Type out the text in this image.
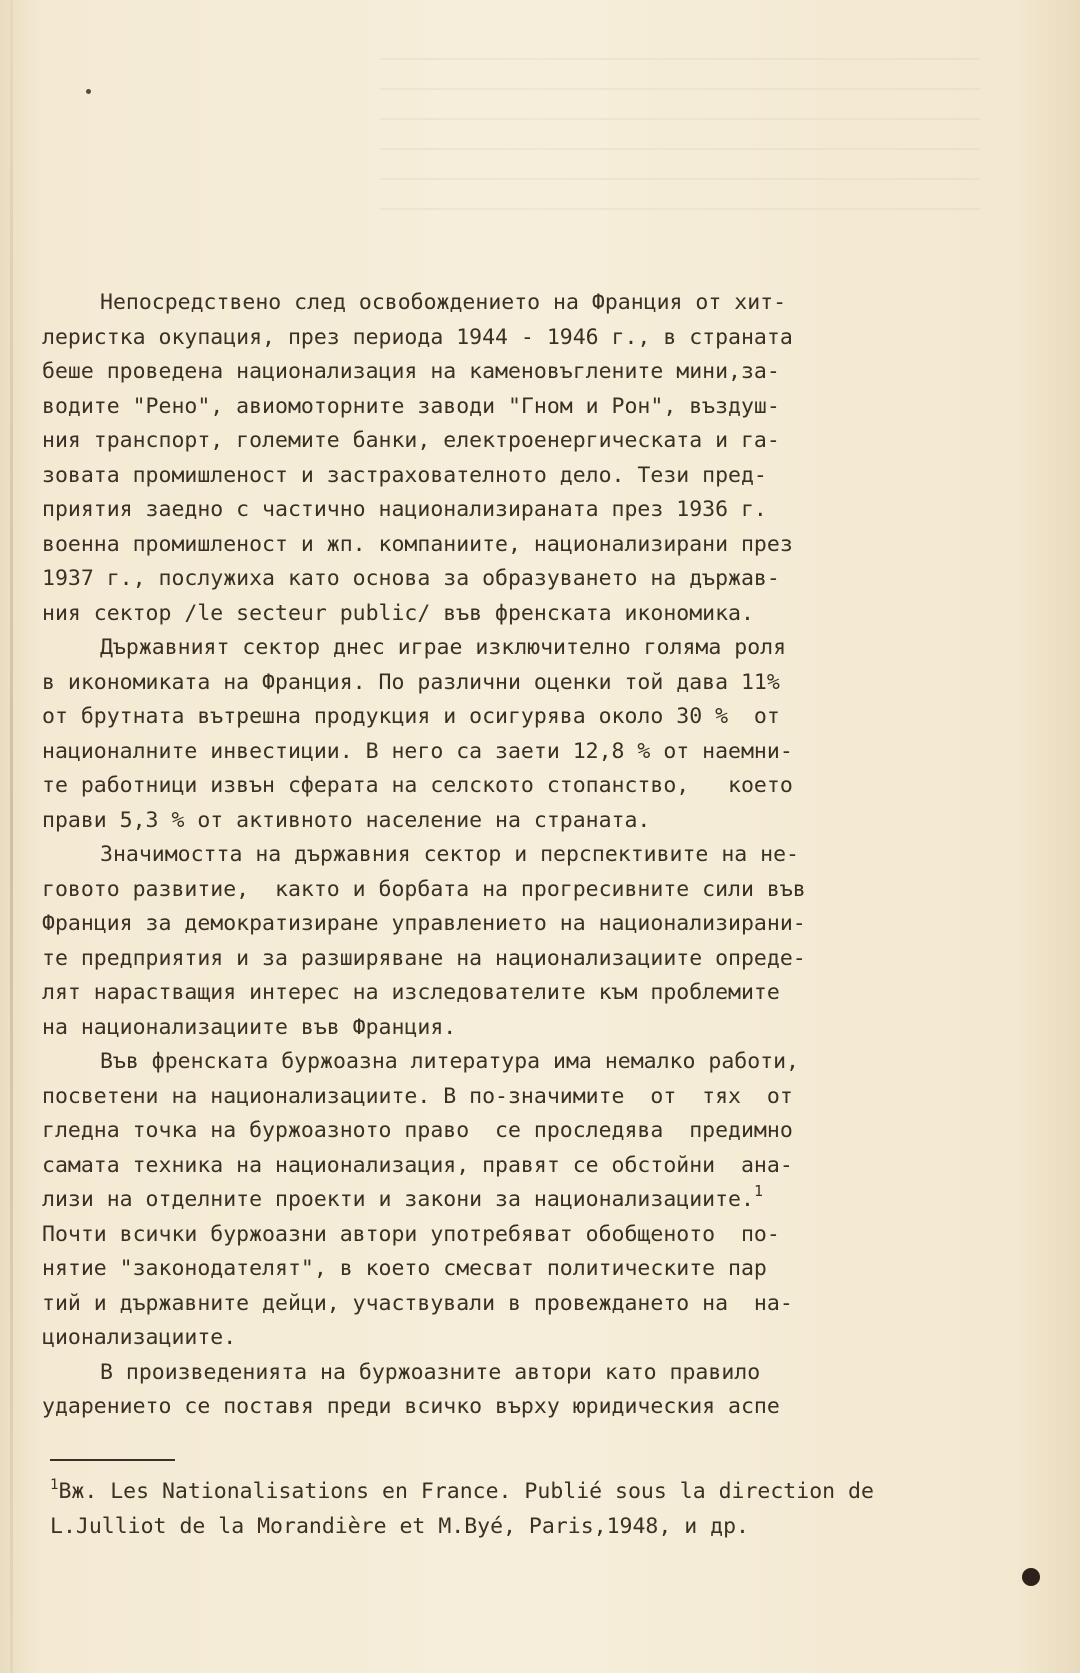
Непосредствено след освобождението на Франция от хит-
леристка окупация, през периода 1944 - 1946 г., в страната
беше проведена национализация на каменовъглените мини,за-
водите "Рено", авиомоторните заводи "Гном и Рон", въздуш-
ния транспорт, големите банки, електроенергическата и га-
зовата промишленост и застрахователното дело. Тези пред-
приятия заедно с частично национализираната през 1936 г.
военна промишленост и жп. компаниите, национализирани през
1937 г., послужиха като основа за образуването на държав-
ния сектор /le secteur public/ във френската икономика.
Държавният сектор днес играе изключително голяма роля
в икономиката на Франция. По различни оценки той дава 11%
от брутната вътрешна продукция и осигурява около 30 %  от
националните инвестиции. В него са заети 12,8 % от наемни-
те работници извън сферата на селското стопанство,   което
прави 5,3 % от активното население на страната.
Значимостта на държавния сектор и перспективите на не-
говото развитие,  както и борбата на прогресивните сили във
Франция за демократизиране управлението на национализирани-
те предприятия и за разширяване на национализациите опреде-
лят нарастващия интерес на изследователите към проблемите
на национализациите във Франция.
Във френската буржоазна литература има немалко работи,
посветени на национализациите. В по-значимите  от  тях  от
гледна точка на буржоазното право  се проследява  предимно
самата техника на национализация, правят се обстойни  ана-
лизи на отделните проекти и закони за национализациите.$^1$
Почти всички буржоазни автори употребяват обобщеното  по-
нятие "законодателят", в което смесват политическите пар
тий и държавните дейци, участвували в провеждането на  на-
ционализациите.
В произведенията на буржоазните автори като правило
ударението се поставя преди всичко върху юридическия аспе
$^1$Вж. Les Nationalisations en France. Publié sous la direction de
L.Julliot de la Morandière et M.Byé, Paris,1948, и др.
